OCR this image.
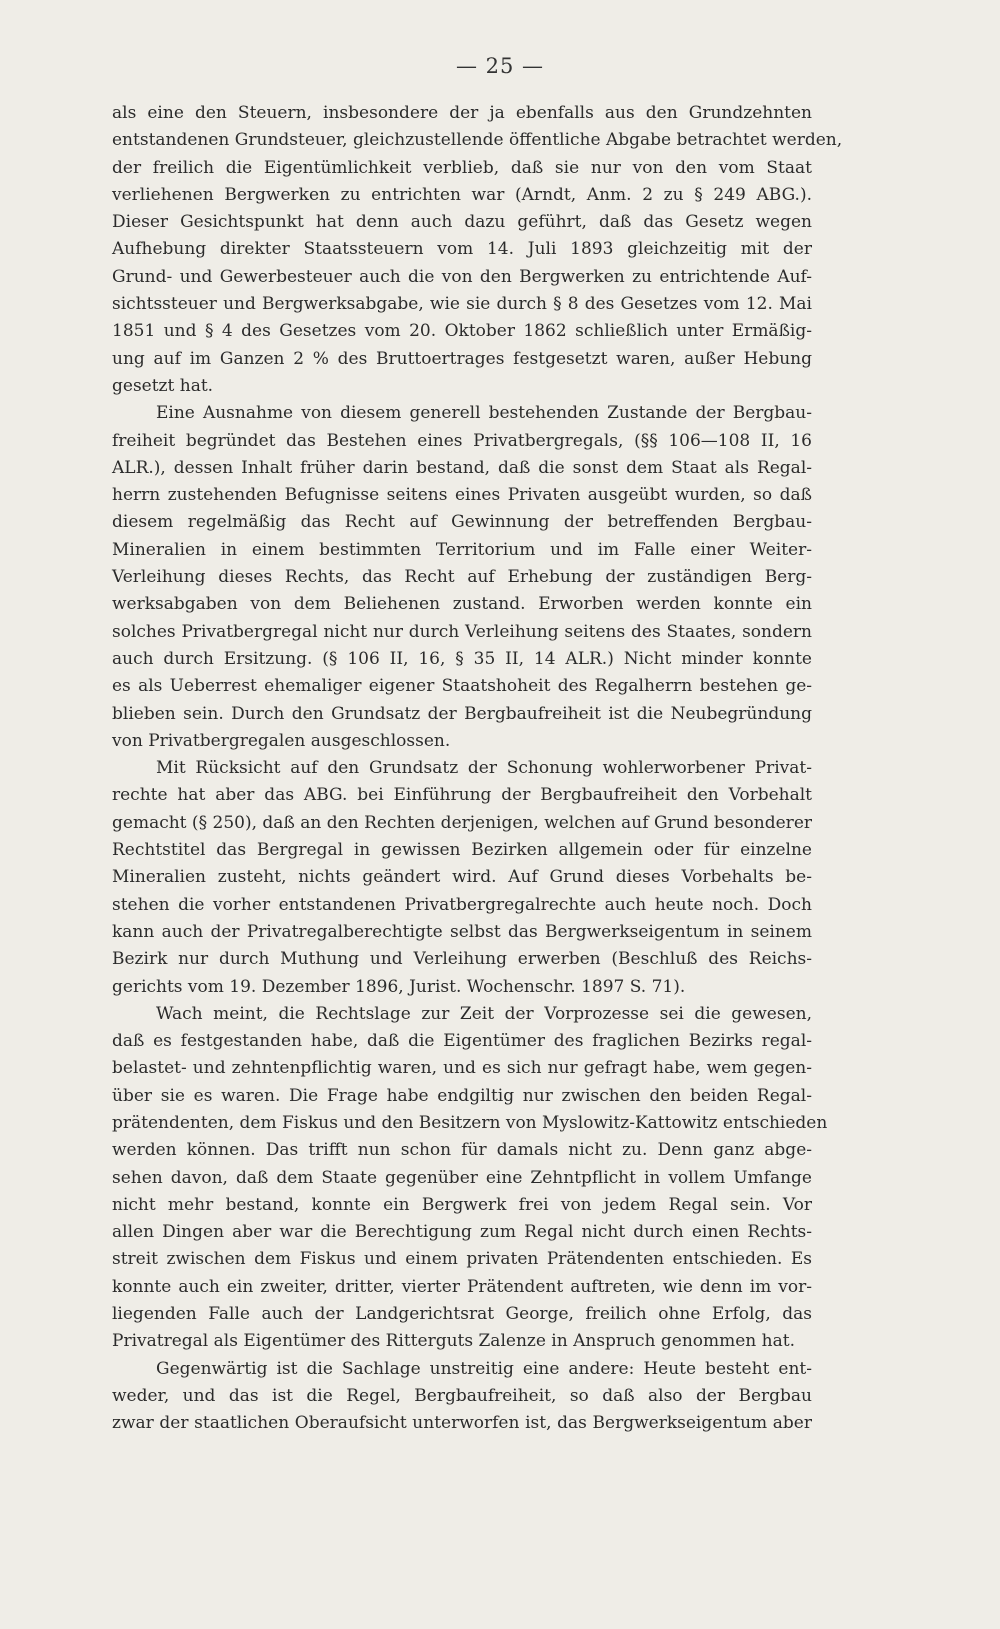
— 25 —
als eine den Steuern, insbesondere der ja ebenfalls aus den Grundzehnten
entstandenen Grundsteuer, gleichzustellende öffentliche Abgabe betrachtet werden,
der freilich die Eigentümlichkeit verblieb, daß sie nur von den vom Staat
verliehenen Bergwerken zu entrichten war (Arndt, Anm. 2 zu § 249 ABG.).
Dieser Gesichtspunkt hat denn auch dazu geführt, daß das Gesetz wegen
Aufhebung direkter Staatssteuern vom 14. Juli 1893 gleichzeitig mit der
Grund- und Gewerbesteuer auch die von den Bergwerken zu entrichtende Auf-
sichtssteuer und Bergwerksabgabe, wie sie durch § 8 des Gesetzes vom 12. Mai
1851 und § 4 des Gesetzes vom 20. Oktober 1862 schließlich unter Ermäßig-
ung auf im Ganzen 2 % des Bruttoertrages festgesetzt waren, außer Hebung
gesetzt hat.
Eine Ausnahme von diesem generell bestehenden Zustande der Bergbau-
freiheit begründet das Bestehen eines Privatbergregals, (§§ 106—108 II, 16
ALR.), dessen Inhalt früher darin bestand, daß die sonst dem Staat als Regal-
herrn zustehenden Befugnisse seitens eines Privaten ausgeübt wurden, so daß
diesem regelmäßig das Recht auf Gewinnung der betreffenden Bergbau-
Mineralien in einem bestimmten Territorium und im Falle einer Weiter-
Verleihung dieses Rechts, das Recht auf Erhebung der zuständigen Berg-
werksabgaben von dem Beliehenen zustand. Erworben werden konnte ein
solches Privatbergregal nicht nur durch Verleihung seitens des Staates, sondern
auch durch Ersitzung. (§ 106 II, 16, § 35 II, 14 ALR.) Nicht minder konnte
es als Ueberrest ehemaliger eigener Staatshoheit des Regalherrn bestehen ge-
blieben sein. Durch den Grundsatz der Bergbaufreiheit ist die Neubegründung
von Privatbergregalen ausgeschlossen.
Mit Rücksicht auf den Grundsatz der Schonung wohlerworbener Privat-
rechte hat aber das ABG. bei Einführung der Bergbaufreiheit den Vorbehalt
gemacht (§ 250), daß an den Rechten derjenigen, welchen auf Grund besonderer
Rechtstitel das Bergregal in gewissen Bezirken allgemein oder für einzelne
Mineralien zusteht, nichts geändert wird. Auf Grund dieses Vorbehalts be-
stehen die vorher entstandenen Privatbergregalrechte auch heute noch. Doch
kann auch der Privatregalberechtigte selbst das Bergwerkseigentum in seinem
Bezirk nur durch Muthung und Verleihung erwerben (Beschluß des Reichs-
gerichts vom 19. Dezember 1896, Jurist. Wochenschr. 1897 S. 71).
Wach meint, die Rechtslage zur Zeit der Vorprozesse sei die gewesen,
daß es festgestanden habe, daß die Eigentümer des fraglichen Bezirks regal-
belastet- und zehntenpflichtig waren, und es sich nur gefragt habe, wem gegen-
über sie es waren. Die Frage habe endgiltig nur zwischen den beiden Regal-
prätendenten, dem Fiskus und den Besitzern von Myslowitz-Kattowitz entschieden
werden können. Das trifft nun schon für damals nicht zu. Denn ganz abge-
sehen davon, daß dem Staate gegenüber eine Zehntpflicht in vollem Umfange
nicht mehr bestand, konnte ein Bergwerk frei von jedem Regal sein. Vor
allen Dingen aber war die Berechtigung zum Regal nicht durch einen Rechts-
streit zwischen dem Fiskus und einem privaten Prätendenten entschieden. Es
konnte auch ein zweiter, dritter, vierter Prätendent auftreten, wie denn im vor-
liegenden Falle auch der Landgerichtsrat George, freilich ohne Erfolg, das
Privatregal als Eigentümer des Ritterguts Zalenze in Anspruch genommen hat.
Gegenwärtig ist die Sachlage unstreitig eine andere: Heute besteht ent-
weder, und das ist die Regel, Bergbaufreiheit, so daß also der Bergbau
zwar der staatlichen Oberaufsicht unterworfen ist, das Bergwerkseigentum aber
